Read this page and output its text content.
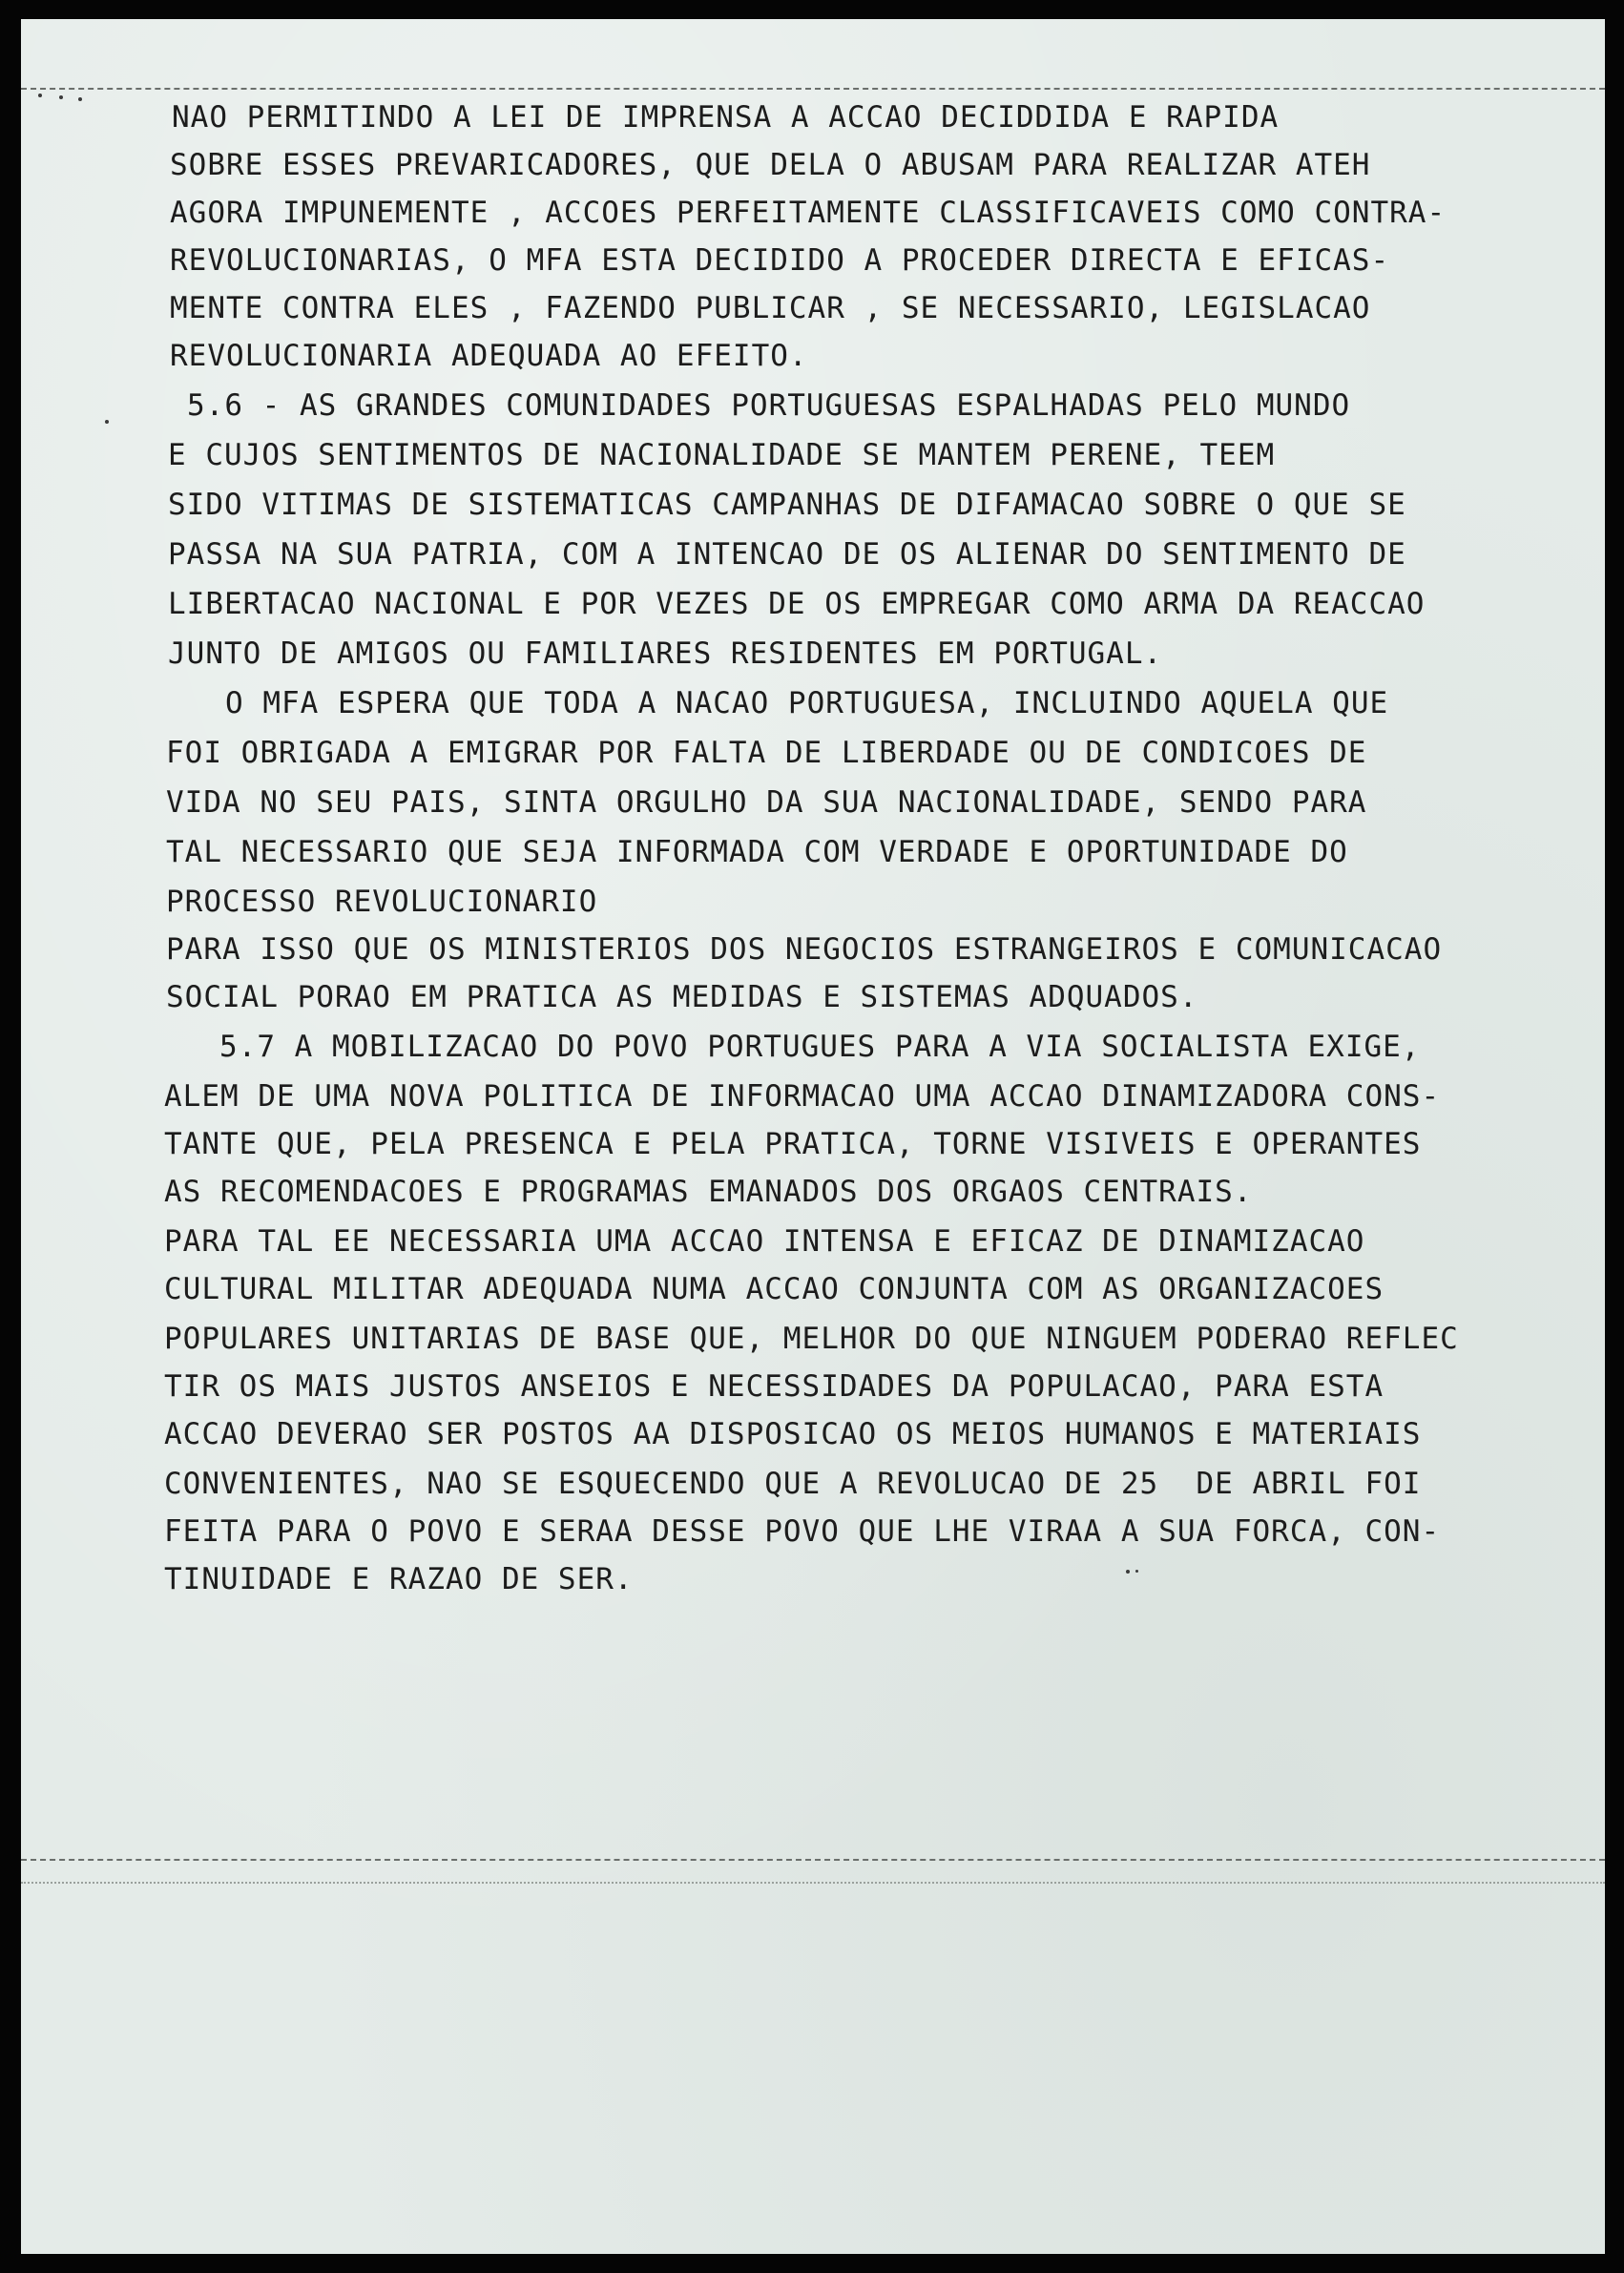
NAO PERMITINDO A LEI DE IMPRENSA A ACCAO DECIDDIDA E RAPIDA
SOBRE ESSES PREVARICADORES, QUE DELA O ABUSAM PARA REALIZAR ATEH
AGORA IMPUNEMENTE , ACCOES PERFEITAMENTE CLASSIFICAVEIS COMO CONTRA-
REVOLUCIONARIAS, O MFA ESTA DECIDIDO A PROCEDER DIRECTA E EFICAS-
MENTE CONTRA ELES , FAZENDO PUBLICAR , SE NECESSARIO, LEGISLACAO
REVOLUCIONARIA ADEQUADA AO EFEITO.
5.6 - AS GRANDES COMUNIDADES PORTUGUESAS ESPALHADAS PELO MUNDO
E CUJOS SENTIMENTOS DE NACIONALIDADE SE MANTEM PERENE, TEEM
SIDO VITIMAS DE SISTEMATICAS CAMPANHAS DE DIFAMACAO SOBRE O QUE SE
PASSA NA SUA PATRIA, COM A INTENCAO DE OS ALIENAR DO SENTIMENTO DE
LIBERTACAO NACIONAL E POR VEZES DE OS EMPREGAR COMO ARMA DA REACCAO
JUNTO DE AMIGOS OU FAMILIARES RESIDENTES EM PORTUGAL.
O MFA ESPERA QUE TODA A NACAO PORTUGUESA, INCLUINDO AQUELA QUE
FOI OBRIGADA A EMIGRAR POR FALTA DE LIBERDADE OU DE CONDICOES DE
VIDA NO SEU PAIS, SINTA ORGULHO DA SUA NACIONALIDADE, SENDO PARA
TAL NECESSARIO QUE SEJA INFORMADA COM VERDADE E OPORTUNIDADE DO
PROCESSO REVOLUCIONARIO
PARA ISSO QUE OS MINISTERIOS DOS NEGOCIOS ESTRANGEIROS E COMUNICACAO
SOCIAL PORAO EM PRATICA AS MEDIDAS E SISTEMAS ADQUADOS.
5.7 A MOBILIZACAO DO POVO PORTUGUES PARA A VIA SOCIALISTA EXIGE,
ALEM DE UMA NOVA POLITICA DE INFORMACAO UMA ACCAO DINAMIZADORA CONS-
TANTE QUE, PELA PRESENCA E PELA PRATICA, TORNE VISIVEIS E OPERANTES
AS RECOMENDACOES E PROGRAMAS EMANADOS DOS ORGAOS CENTRAIS.
PARA TAL EE NECESSARIA UMA ACCAO INTENSA E EFICAZ DE DINAMIZACAO
CULTURAL MILITAR ADEQUADA NUMA ACCAO CONJUNTA COM AS ORGANIZACOES
POPULARES UNITARIAS DE BASE QUE, MELHOR DO QUE NINGUEM PODERAO REFLEC
TIR OS MAIS JUSTOS ANSEIOS E NECESSIDADES DA POPULACAO, PARA ESTA
ACCAO DEVERAO SER POSTOS AA DISPOSICAO OS MEIOS HUMANOS E MATERIAIS
CONVENIENTES, NAO SE ESQUECENDO QUE A REVOLUCAO DE 25  DE ABRIL FOI
FEITA PARA O POVO E SERAA DESSE POVO QUE LHE VIRAA A SUA FORCA, CON-
TINUIDADE E RAZAO DE SER.
